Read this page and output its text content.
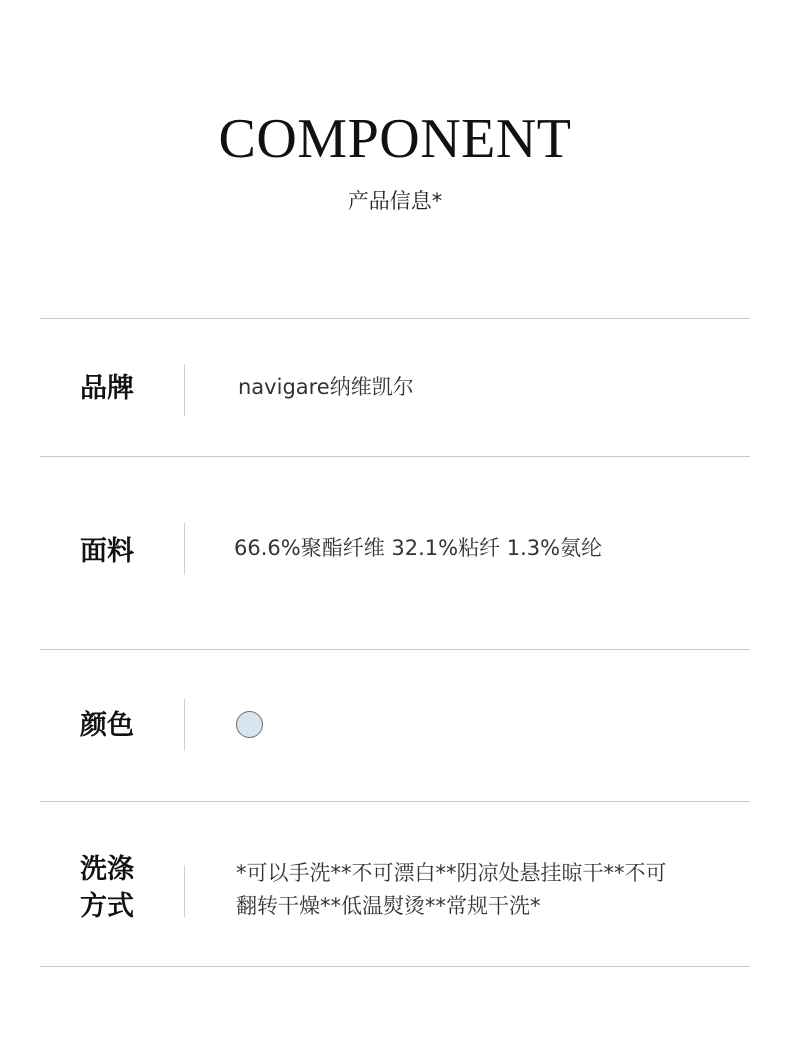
COMPONENT
产品信息*
品牌	navigare纳维凯尔
面料	66.6%聚酯纤维 32.1%粘纤 1.3%氨纶
颜色
洗涤
方式
*可以手洗**不可漂白**阴凉处悬挂晾干**不可
翻转干燥**低温熨烫**常规干洗*
